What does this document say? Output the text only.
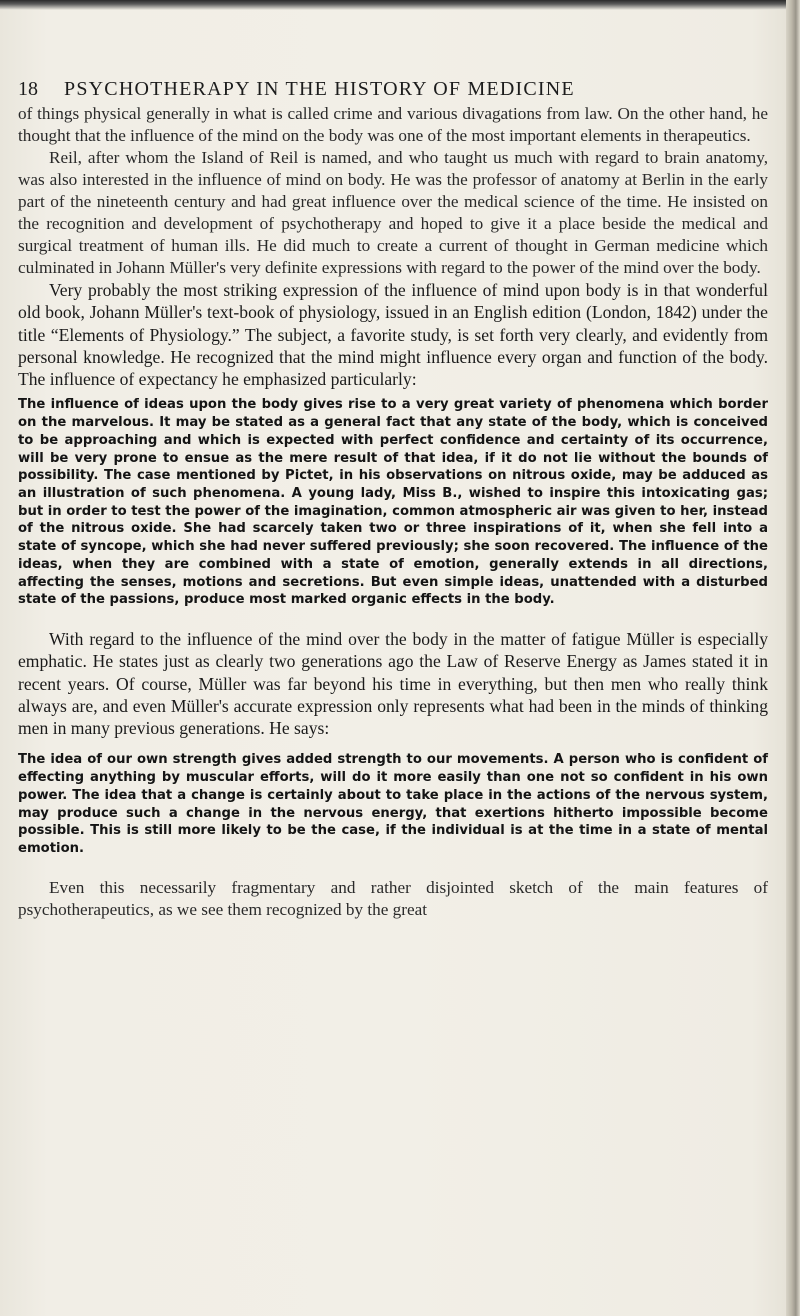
18 PSYCHOTHERAPY IN THE HISTORY OF MEDICINE

of things physical generally in what is called crime and various divagations from law. On the other hand, he thought that the influence of the mind on the body was one of the most important elements in therapeutics.

Reil, after whom the Island of Reil is named, and who taught us much with regard to brain anatomy, was also interested in the influence of mind on body. He was the professor of anatomy at Berlin in the early part of the nineteenth century and had great influence over the medical science of the time. He insisted on the recognition and development of psychotherapy and hoped to give it a place beside the medical and surgical treatment of human ills. He did much to create a current of thought in German medicine which culminated in Johann Müller's very definite expressions with regard to the power of the mind over the body.

Very probably the most striking expression of the influence of mind upon body is in that wonderful old book, Johann Müller's text-book of physiology, issued in an English edition (London, 1842) under the title “Elements of Physiology.” The subject, a favorite study, is set forth very clearly, and evidently from personal knowledge. He recognized that the mind might influence every organ and function of the body. The influence of expectancy he emphasized particularly:

The influence of ideas upon the body gives rise to a very great variety of phenomena which border on the marvelous. It may be stated as a general fact that any state of the body, which is conceived to be approaching and which is expected with perfect confidence and certainty of its occurrence, will be very prone to ensue as the mere result of that idea, if it do not lie without the bounds of possibility. The case mentioned by Pictet, in his observations on nitrous oxide, may be adduced as an illustration of such phenomena. A young lady, Miss B., wished to inspire this intoxicating gas; but in order to test the power of the imagination, common atmospheric air was given to her, instead of the nitrous oxide. She had scarcely taken two or three inspirations of it, when she fell into a state of syncope, which she had never suffered previously; she soon recovered. The influence of the ideas, when they are combined with a state of emotion, generally extends in all directions, affecting the senses, motions and secretions. But even simple ideas, unattended with a disturbed state of the passions, produce most marked organic effects in the body.

With regard to the influence of the mind over the body in the matter of fatigue Müller is especially emphatic. He states just as clearly two generations ago the Law of Reserve Energy as James stated it in recent years. Of course, Müller was far beyond his time in everything, but then men who really think always are, and even Müller's accurate expression only represents what had been in the minds of thinking men in many previous generations. He says:

The idea of our own strength gives added strength to our movements. A person who is confident of effecting anything by muscular efforts, will do it more easily than one not so confident in his own power. The idea that a change is certainly about to take place in the actions of the nervous system, may produce such a change in the nervous energy, that exertions hitherto impossible become possible. This is still more likely to be the case, if the individual is at the time in a state of mental emotion.

Even this necessarily fragmentary and rather disjointed sketch of the main features of psychotherapeutics, as we see them recognized by the great
